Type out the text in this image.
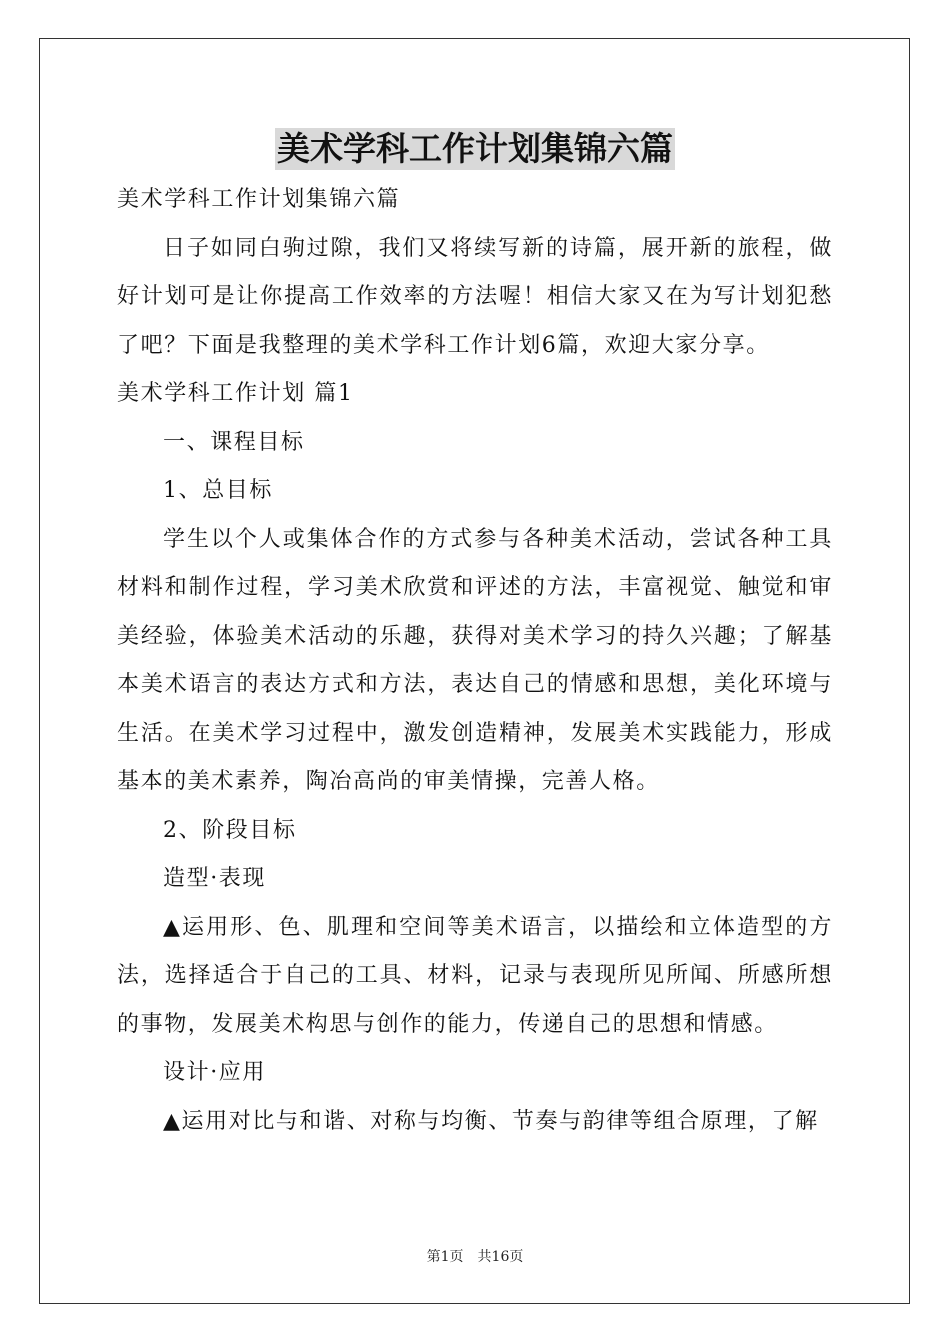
美术学科工作计划集锦六篇

美术学科工作计划集锦六篇

日子如同白驹过隙，我们又将续写新的诗篇，展开新的旅程，做好计划可是让你提高工作效率的方法喔！相信大家又在为写计划犯愁了吧？下面是我整理的美术学科工作计划6篇，欢迎大家分享。

美术学科工作计划 篇1

一、课程目标

1、总目标

学生以个人或集体合作的方式参与各种美术活动，尝试各种工具材料和制作过程，学习美术欣赏和评述的方法，丰富视觉、触觉和审美经验，体验美术活动的乐趣，获得对美术学习的持久兴趣；了解基本美术语言的表达方式和方法，表达自己的情感和思想，美化环境与生活。在美术学习过程中，激发创造精神，发展美术实践能力，形成基本的美术素养，陶冶高尚的审美情操，完善人格。

2、阶段目标

造型·表现

▲运用形、色、肌理和空间等美术语言，以描绘和立体造型的方法，选择适合于自己的工具、材料，记录与表现所见所闻、所感所想的事物，发展美术构思与创作的能力，传递自己的思想和情感。

设计·应用

▲运用对比与和谐、对称与均衡、节奏与韵律等组合原理，了解

第1页 共16页
